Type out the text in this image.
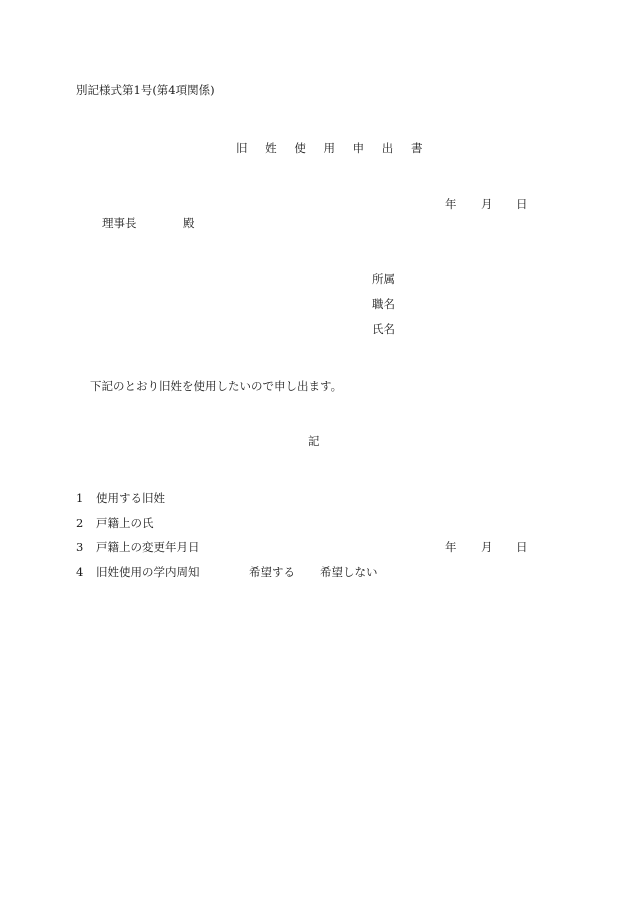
別記様式第1号(第4項関係)
旧 姓 使 用 申 出 書
年 月 日
理事長	殿
所属
職名
氏名
下記のとおり旧姓を使用したいので申し出ます。
記
1 使用する旧姓
2 戸籍上の氏
3 戸籍上の変更年月日	年 月 日
4 旧姓使用の学内周知	希望する 希望しない
